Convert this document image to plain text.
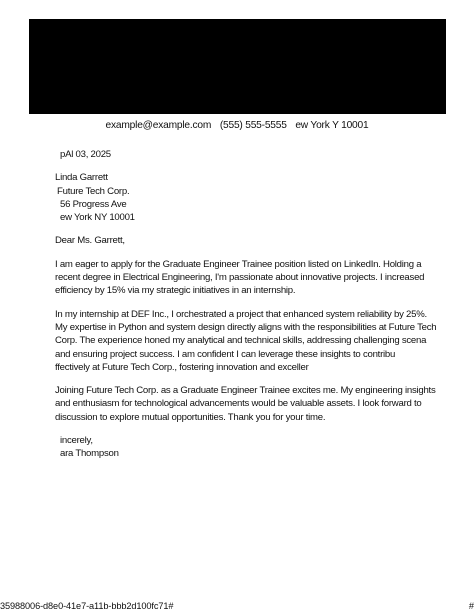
example@example.com (555) 555-5555 ew York Y 10001
pAl 03, 2025
Linda Garrett
Future Tech Corp.
56 Progress Ave
ew York NY 10001
Dear Ms. Garrett,
I am eager to apply for the Graduate Engineer Trainee position listed on LinkedIn. Holding a
recent degree in Electrical Engineering, I'm passionate about innovative projects. I increased
efficiency by 15% via my strategic initiatives in an internship.
In my internship at DEF Inc., I orchestrated a project that enhanced system reliability by 25%.
My expertise in Python and system design directly aligns with the responsibilities at Future Tech
Corp. The experience honed my analytical and technical skills, addressing challenging scena
and ensuring project success. I am confident I can leverage these insights to contribu
ffectively at Future Tech Corp., fostering innovation and exceller
Joining Future Tech Corp. as a Graduate Engineer Trainee excites me. My engineering insights
and enthusiasm for technological advancements would be valuable assets. I look forward to
discussion to explore mutual opportunities. Thank you for your time.
incerely,
ara Thompson
35988006-d8e0-41e7-a11b-bbb2d100fc71#	#
